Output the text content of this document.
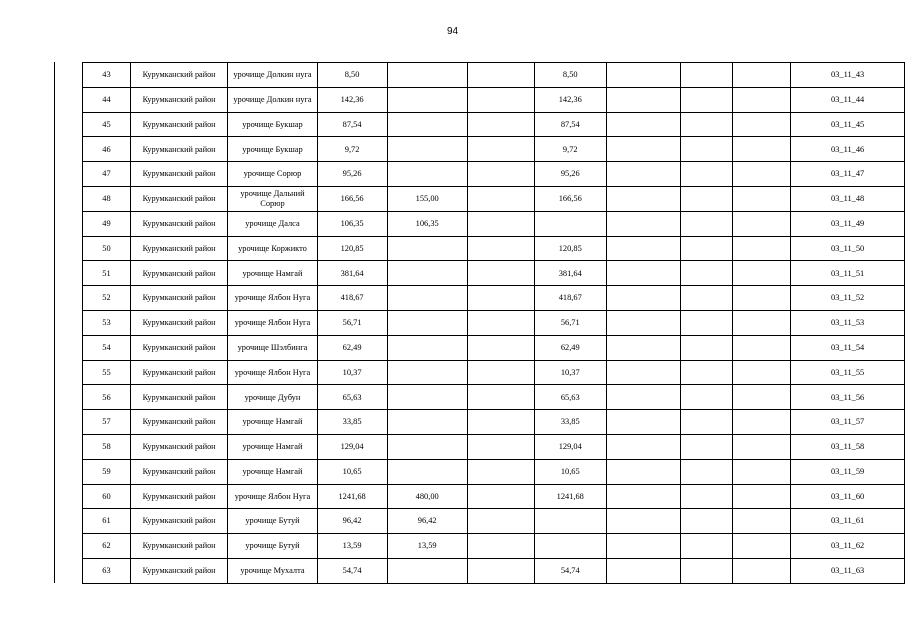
94
43	Курумканский район	урочище Долкин нуга	8,50			8,50				03_11_43
44	Курумканский район	урочище Долкин нуга	142,36			142,36				03_11_44
45	Курумканский район	урочище Букшар	87,54			87,54				03_11_45
46	Курумканский район	урочище Букшар	9,72			9,72				03_11_46
47	Курумканский район	урочище Сорюр	95,26			95,26				03_11_47
48	Курумканский район	урочище Дальний Сорюр	166,56	155,00		166,56				03_11_48
49	Курумканский район	урочище Далса	106,35	106,35						03_11_49
50	Курумканский район	урочище Коржикто	120,85			120,85				03_11_50
51	Курумканский район	урочище Намгай	381,64			381,64				03_11_51
52	Курумканский район	урочище Ялбон Нуга	418,67			418,67				03_11_52
53	Курумканский район	урочище Ялбон Нуга	56,71			56,71				03_11_53
54	Курумканский район	урочище Шэлбинга	62,49			62,49				03_11_54
55	Курумканский район	урочище Ялбон Нуга	10,37			10,37				03_11_55
56	Курумканский район	урочище Дубун	65,63			65,63				03_11_56
57	Курумканский район	урочище Намгай	33,85			33,85				03_11_57
58	Курумканский район	урочище Намгай	129,04			129,04				03_11_58
59	Курумканский район	урочище Намгай	10,65			10,65				03_11_59
60	Курумканский район	урочище Ялбон Нуга	1241,68	480,00		1241,68				03_11_60
61	Курумканский район	урочище Бутуй	96,42	96,42						03_11_61
62	Курумканский район	урочище Бутуй	13,59	13,59						03_11_62
63	Курумканский район	урочище Мухалта	54,74			54,74				03_11_63
